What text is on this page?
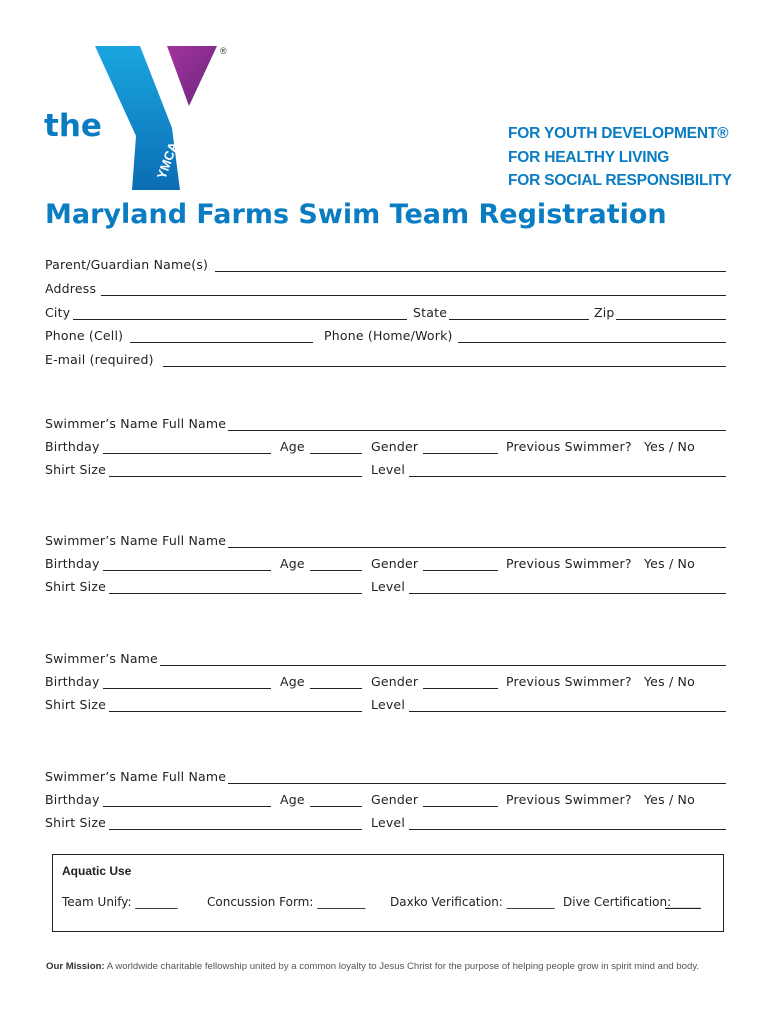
YMCA
®
the	FOR YOUTH DEVELOPMENT®
FOR HEALTHY LIVING
FOR SOCIAL RESPONSIBILITY
Maryland Farms Swim Team Registration
Parent/Guardian Name(s)
Address
City	State	Zip
Phone (Cell)	Phone (Home/Work)
E-mail (required)
Swimmer’s Name Full Name
Birthday	Age	Gender	Previous Swimmer? Yes / No
Shirt Size	Level
Swimmer’s Name Full Name
Birthday	Age	Gender	Previous Swimmer? Yes / No
Shirt Size	Level
Swimmer’s Name
Birthday	Age	Gender	Previous Swimmer? Yes / No
Shirt Size	Level
Swimmer’s Name Full Name
Birthday	Age	Gender	Previous Swimmer? Yes / No
Shirt Size	Level
Aquatic Use
Team Unify: _______ Concussion Form: ________ Daxko Verification: ________ Dive Certification:
______
Our Mission: A worldwide charitable fellowship united by a common loyalty to Jesus Christ for the purpose of helping people grow in spirit mind and body.
